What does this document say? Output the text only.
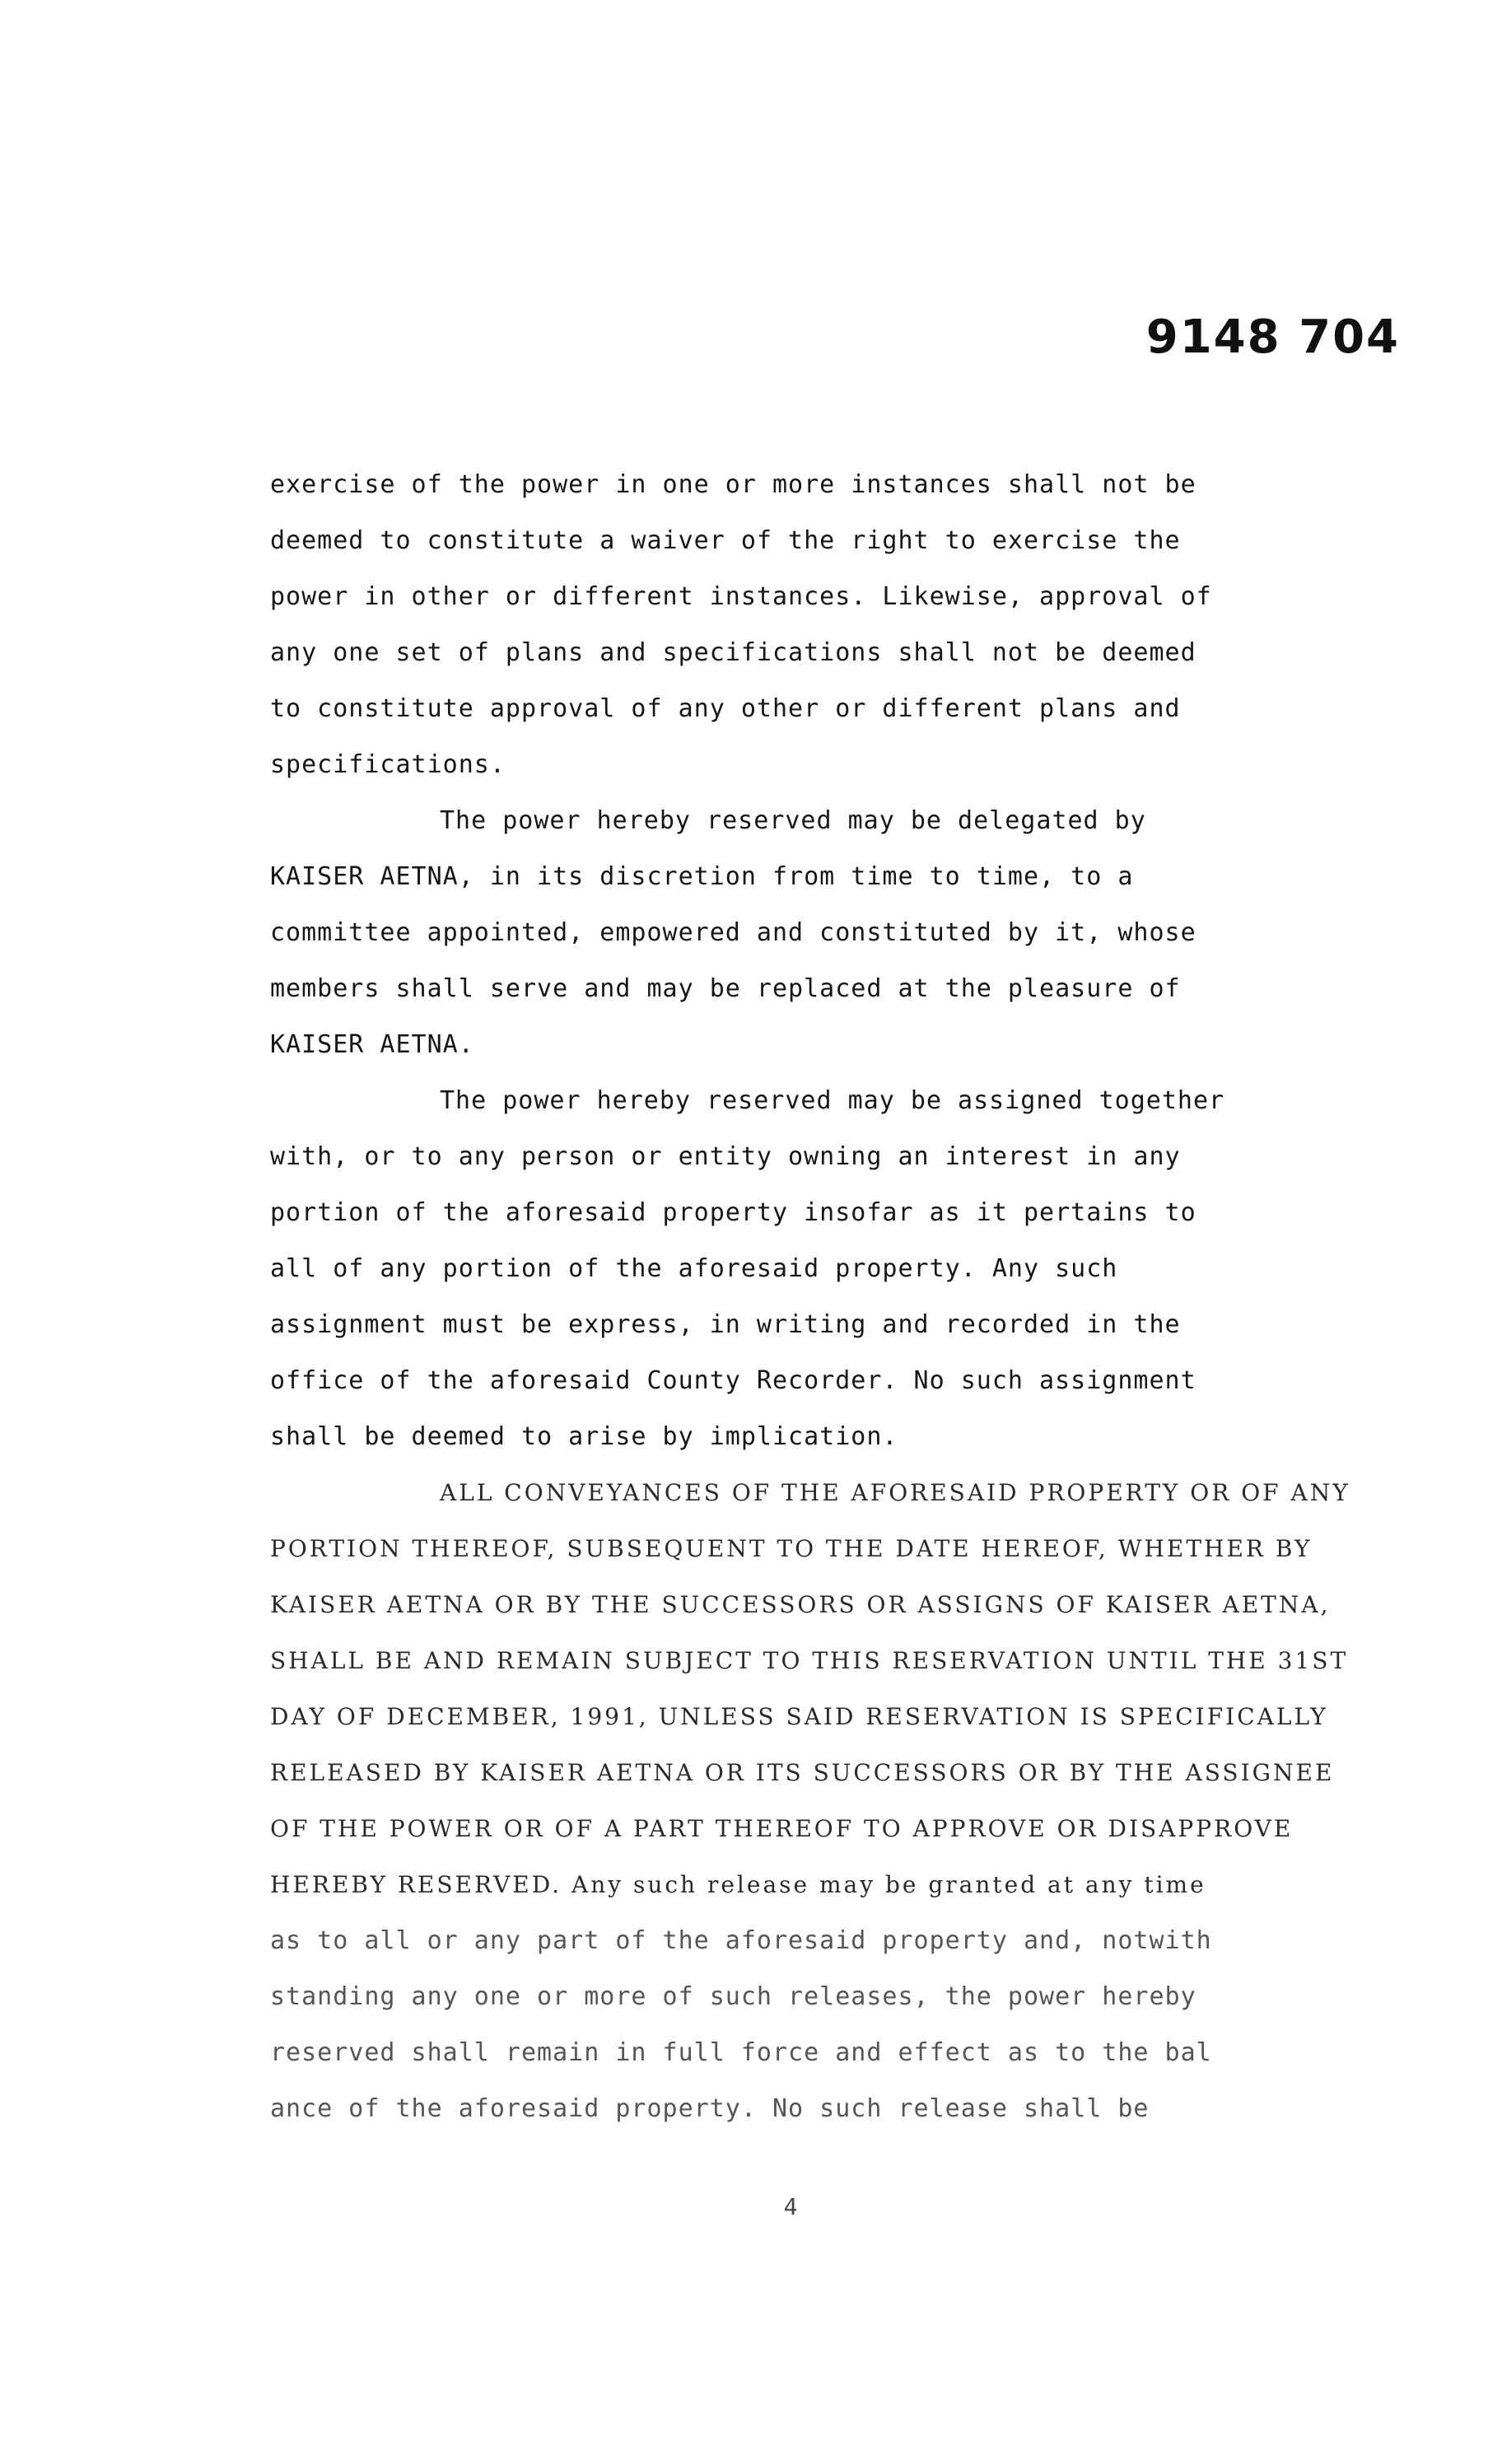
9148 704
exercise of the power in one or more instances shall not be
deemed to constitute a waiver of the right to exercise the
power in other or different instances. Likewise, approval of
any one set of plans and specifications shall not be deemed
to constitute approval of any other or different plans and
specifications.
The power hereby reserved may be delegated by
KAISER AETNA, in its discretion from time to time, to a
committee appointed, empowered and constituted by it, whose
members shall serve and may be replaced at the pleasure of
KAISER AETNA.
The power hereby reserved may be assigned together
with, or to any person or entity owning an interest in any
portion of the aforesaid property insofar as it pertains to
all of any portion of the aforesaid property. Any such
assignment must be express, in writing and recorded in the
office of the aforesaid County Recorder. No such assignment
shall be deemed to arise by implication.
ALL CONVEYANCES OF THE AFORESAID PROPERTY OR OF ANY
PORTION THEREOF, SUBSEQUENT TO THE DATE HEREOF, WHETHER BY
KAISER AETNA OR BY THE SUCCESSORS OR ASSIGNS OF KAISER AETNA,
SHALL BE AND REMAIN SUBJECT TO THIS RESERVATION UNTIL THE 31ST
DAY OF DECEMBER, 1991, UNLESS SAID RESERVATION IS SPECIFICALLY
RELEASED BY KAISER AETNA OR ITS SUCCESSORS OR BY THE ASSIGNEE
OF THE POWER OR OF A PART THEREOF TO APPROVE OR DISAPPROVE
HEREBY RESERVED. Any such release may be granted at any time
as to all or any part of the aforesaid property and, notwith
standing any one or more of such releases, the power hereby
reserved shall remain in full force and effect as to the bal
ance of the aforesaid property. No such release shall be
4
